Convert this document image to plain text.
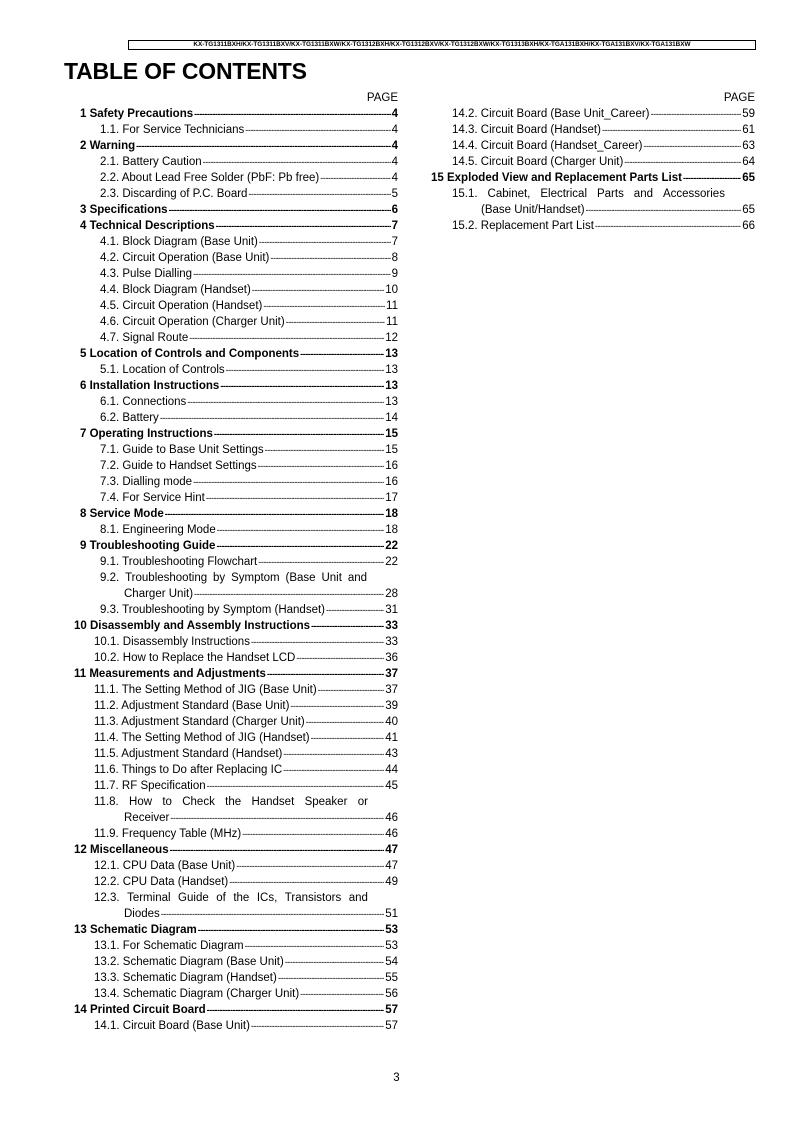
KX-TG1311BXH/KX-TG1311BXV/KX-TG1311BXW/KX-TG1312BXH/KX-TG1312BXV/KX-TG1312BXW/KX-TG1313BXH/KX-TGA131BXH/KX-TGA131BXV/KX-TGA131BXW
TABLE OF CONTENTS
PAGE
1 Safety Precautions -----	4
1.1. For Service Technicians -----	4
2 Warning -----	4
2.1. Battery Caution -----	4
2.2. About Lead Free Solder (PbF: Pb free) -----	4
2.3. Discarding of P.C. Board -----	5
3 Specifications -----	6
4 Technical Descriptions -----	7
4.1. Block Diagram (Base Unit) -----	7
4.2. Circuit Operation (Base Unit) -----	8
4.3. Pulse Dialling -----	9
4.4. Block Diagram (Handset) -----	10
4.5. Circuit Operation (Handset) -----	11
4.6. Circuit Operation (Charger Unit) -----	11
4.7. Signal Route -----	12
5 Location of Controls and Components -----	13
5.1. Location of Controls -----	13
6 Installation Instructions -----	13
6.1. Connections -----	13
6.2. Battery -----	14
7 Operating Instructions -----	15
7.1. Guide to Base Unit Settings -----	15
7.2. Guide to Handset Settings -----	16
7.3. Dialling mode -----	16
7.4. For Service Hint -----	17
8 Service Mode -----	18
8.1. Engineering Mode -----	18
9 Troubleshooting Guide -----	22
9.1. Troubleshooting Flowchart -----	22
9.2. Troubleshooting by Symptom (Base Unit and
Charger Unit) -----	28
9.3. Troubleshooting by Symptom (Handset) -----	31
10 Disassembly and Assembly Instructions -----	33
10.1. Disassembly Instructions -----	33
10.2. How to Replace the Handset LCD -----	36
11 Measurements and Adjustments -----	37
11.1. The Setting Method of JIG (Base Unit) -----	37
11.2. Adjustment Standard (Base Unit) -----	39
11.3. Adjustment Standard (Charger Unit) -----	40
11.4. The Setting Method of JIG (Handset) -----	41
11.5. Adjustment Standard (Handset) -----	43
11.6. Things to Do after Replacing IC -----	44
11.7. RF Specification -----	45
11.8. How to Check the Handset Speaker or
Receiver -----	46
11.9. Frequency Table (MHz) -----	46
12 Miscellaneous -----	47
12.1. CPU Data (Base Unit) -----	47
12.2. CPU Data (Handset) -----	49
12.3. Terminal Guide of the ICs, Transistors and
Diodes -----	51
13 Schematic Diagram -----	53
13.1. For Schematic Diagram -----	53
13.2. Schematic Diagram (Base Unit) -----	54
13.3. Schematic Diagram (Handset) -----	55
13.4. Schematic Diagram (Charger Unit) -----	56
14 Printed Circuit Board -----	57
14.1. Circuit Board (Base Unit) -----	57
PAGE
14.2. Circuit Board (Base Unit_Career) -----	59
14.3. Circuit Board (Handset) -----	61
14.4. Circuit Board (Handset_Career) -----	63
14.5. Circuit Board (Charger Unit) -----	64
15 Exploded View and Replacement Parts List -----	65
15.1. Cabinet, Electrical Parts and Accessories
(Base Unit/Handset) -----	65
15.2. Replacement Part List -----	66
3
